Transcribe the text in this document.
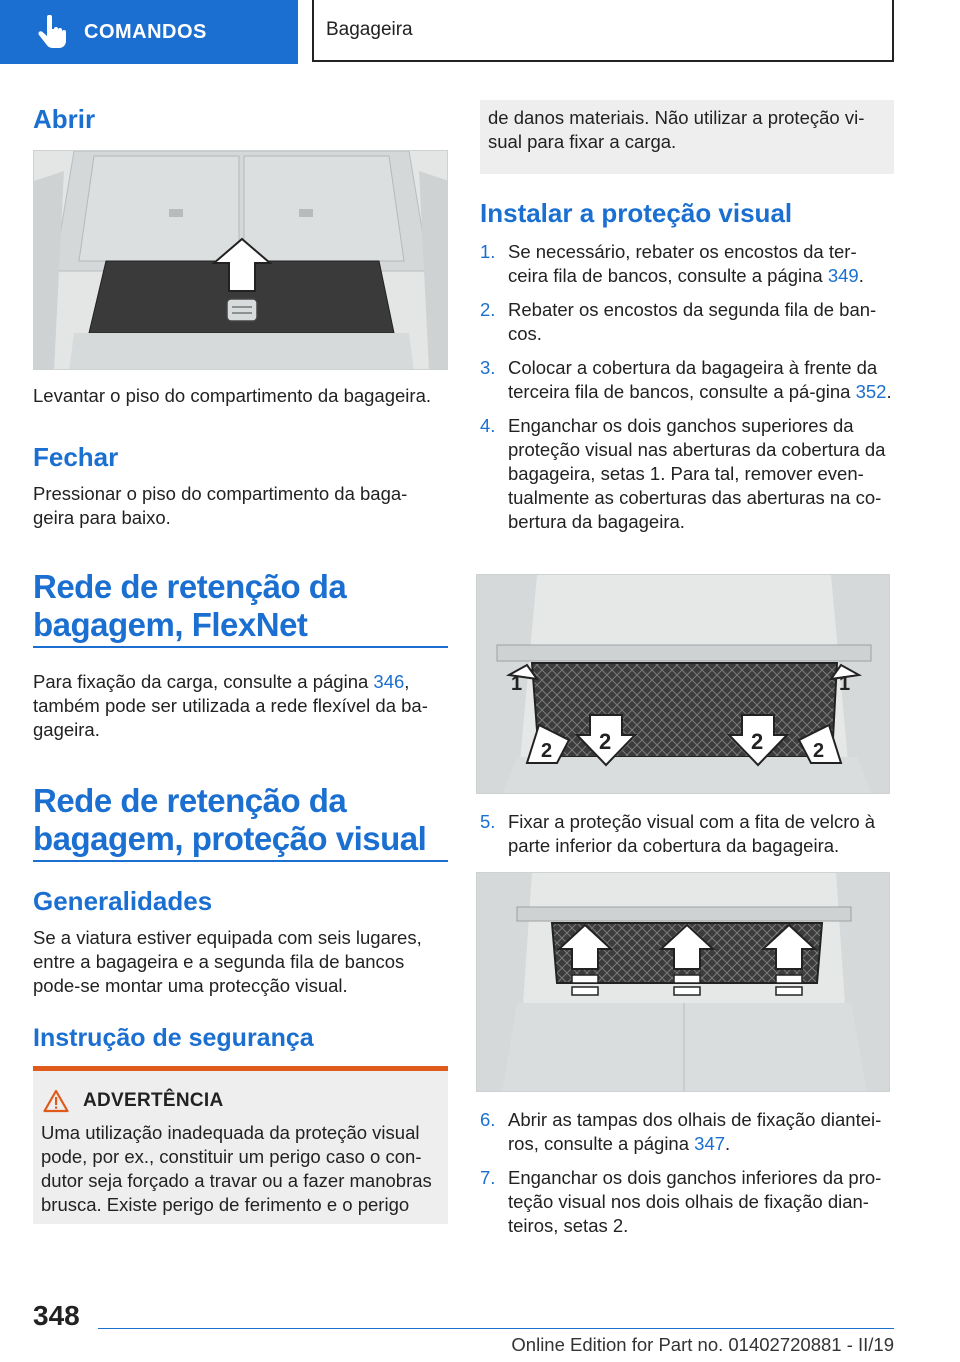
COMANDOS	Bagageira
Abrir

Levantar o piso do compartimento da bagageira.

Fechar

Pressionar o piso do compartimento da baga-geira para baixo.

Rede de retenção da
bagagem, FlexNet

Para fixação da carga, consulte a página 346, também pode ser utilizada a rede flexível da ba-gageira.

Rede de retenção da
bagagem, proteção visual
Generalidades

Se a viatura estiver equipada com seis lugares, entre a bagageira e a segunda fila de bancos pode-se montar uma protecção visual.

Instrução de segurança
ADVERTÊNCIA

Uma utilização inadequada da proteção visual pode, por ex., constituir um perigo caso o con-dutor seja forçado a travar ou a fazer manobras brusca. Existe perigo de ferimento e o perigo

de danos materiais. Não utilizar a proteção vi-sual para fixar a carga.

Instalar a proteção visual
1. Se necessário, rebater os encostos da ter-ceira fila de bancos, consulte a página 349.
2. Rebater os encostos da segunda fila de ban-cos.
3. Colocar a cobertura da bagageira à frente da terceira fila de bancos, consulte a pá-gina 352.
4. Enganchar os dois ganchos superiores da proteção visual nas aberturas da cobertura da bagageira, setas 1. Para tal, remover even-tualmente as coberturas das aberturas na co-bertura da bagageira.
1	1
2	2
2	2
5. Fixar a proteção visual com a fita de velcro à parte inferior da cobertura da bagageira.
6. Abrir as tampas dos olhais de fixação diantei-ros, consulte a página 347.
7. Enganchar os dois ganchos inferiores da pro-teção visual nos dois olhais de fixação dian-teiros, setas 2.
348
Online Edition for Part no. 01402720881 - II/19
